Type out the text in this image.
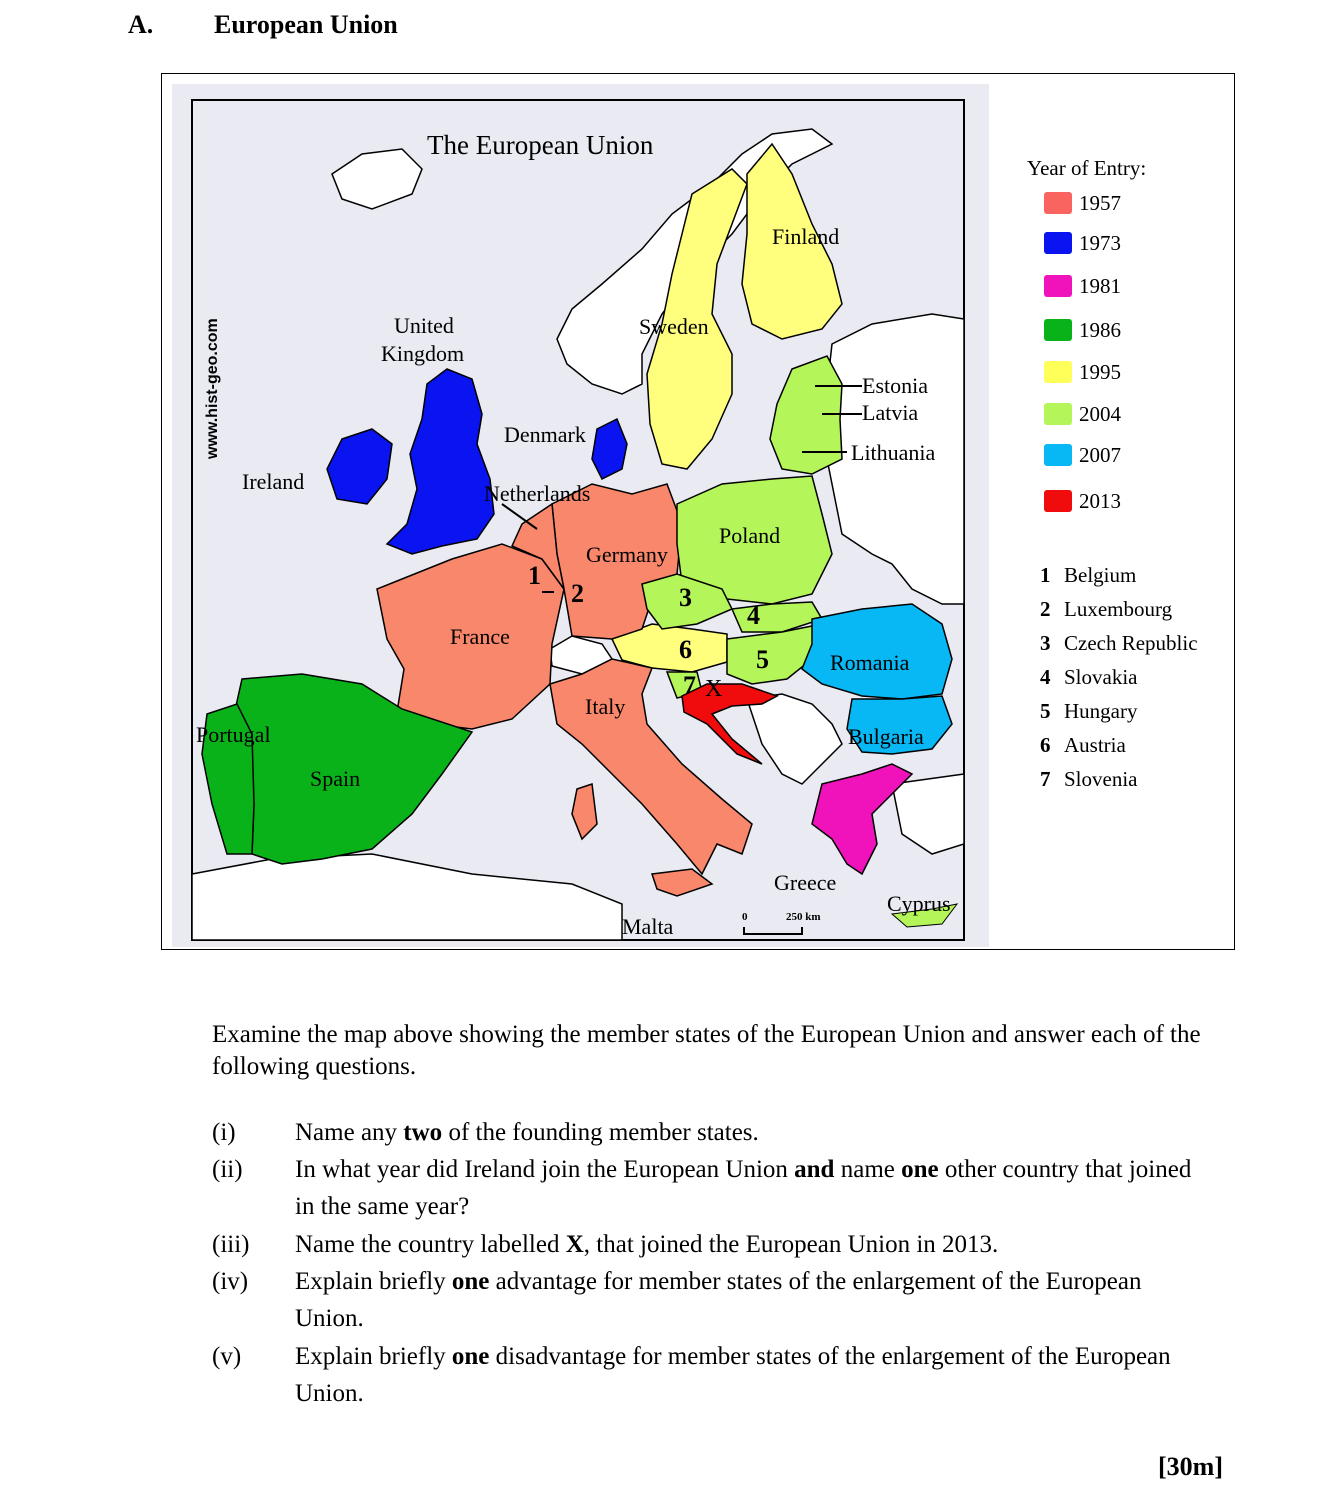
A. European Union
0	250 km
The European Union
www.hist-geo.com	United
Kingdom
Ireland
Denmark
Netherlands
Germany
France
Portugal
Spain
Italy
Sweden
Finland
Estonia
Latvia
Lithuania
Poland
Romania
Bulgaria
Greece
Cyprus
Malta
X
1
2	3
4
5
6
7
Year of Entry:
1957
1973
1981
1986
1995
2004
2007
2013
1 Belgium
2 Luxembourg
3 Czech Republic
4 Slovakia
5 Hungary
6 Austria
7 Slovenia
Examine the map above showing the member states of the European Union and answer each of the following questions.
(i) Name any two of the founding member states.
(ii) In what year did Ireland join the European Union and name one other country that joined in the same year?
(iii) Name the country labelled X, that joined the European Union in 2013.
(iv) Explain briefly one advantage for member states of the enlargement of the European Union.
(v) Explain briefly one disadvantage for member states of the enlargement of the European Union.
[30m]
